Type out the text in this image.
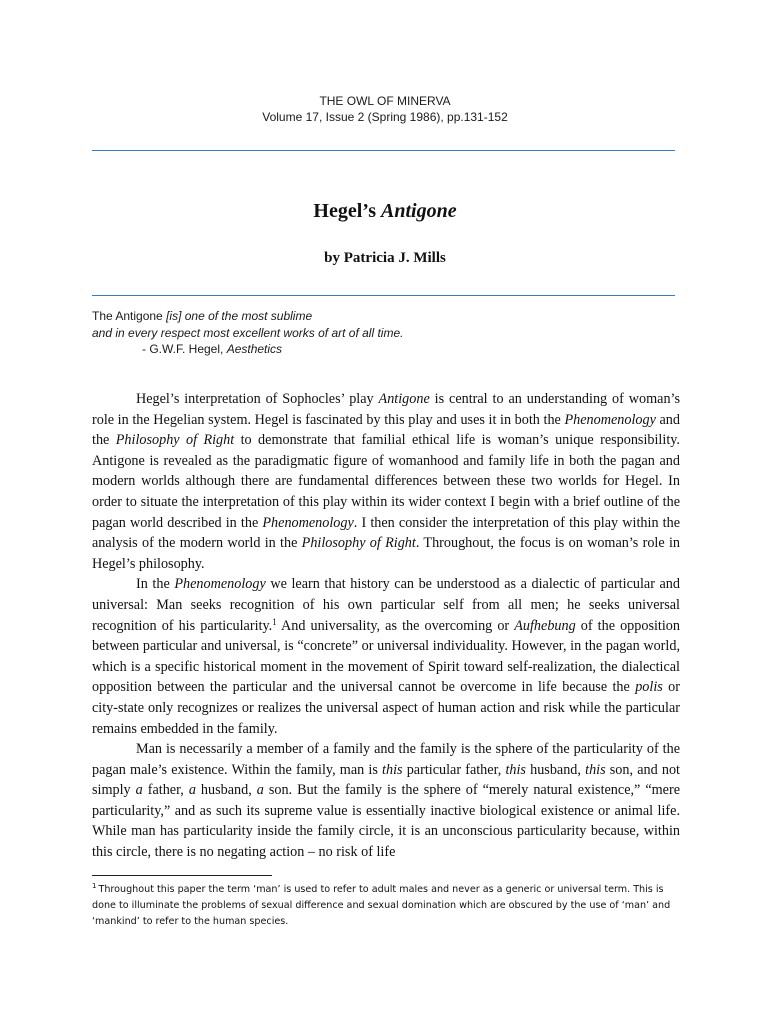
THE OWL OF MINERVA
Volume 17, Issue 2 (Spring 1986), pp.131-152
Hegel’s Antigone
by Patricia J. Mills
The Antigone [is] one of the most sublime
and in every respect most excellent works of art of all time.
- G.W.F. Hegel, Aesthetics

Hegel’s interpretation of Sophocles’ play Antigone is central to an understanding of woman’s role in the Hegelian system. Hegel is fascinated by this play and uses it in both the Phenomenology and the Philosophy of Right to demonstrate that familial ethical life is woman’s unique responsibility. Antigone is revealed as the paradigmatic figure of womanhood and family life in both the pagan and modern worlds although there are fundamental differences between these two worlds for Hegel. In order to situate the interpretation of this play within its wider context I begin with a brief outline of the pagan world described in the Phenomenology. I then consider the interpretation of this play within the analysis of the modern world in the Philosophy of Right. Throughout, the focus is on woman’s role in Hegel’s philosophy.

In the Phenomenology we learn that history can be understood as a dialectic of particular and universal: Man seeks recognition of his own particular self from all men; he seeks universal recognition of his particularity.$^1$ And universality, as the overcoming or Aufhebung of the opposition between particular and universal, is “concrete” or universal individuality. However, in the pagan world, which is a specific historical moment in the movement of Spirit toward self-realization, the dialectical opposition between the particular and the universal cannot be overcome in life because the polis or city-state only recognizes or realizes the universal aspect of human action and risk while the particular remains embedded in the family.

Man is necessarily a member of a family and the family is the sphere of the particularity of the pagan male’s existence. Within the family, man is this particular father, this husband, this son, and not simply a father, a husband, a son. But the family is the sphere of “merely natural existence,” “mere particularity,” and as such its supreme value is essentially inactive biological existence or animal life. While man has particularity inside the family circle, it is an unconscious particularity because, within this circle, there is no negating action – no risk of life

$^1$ Throughout this paper the term ‘man’ is used to refer to adult males and never as a generic or universal term. This is done to illuminate the problems of sexual difference and sexual domination which are obscured by the use of ‘man’ and ‘mankind’ to refer to the human species.
